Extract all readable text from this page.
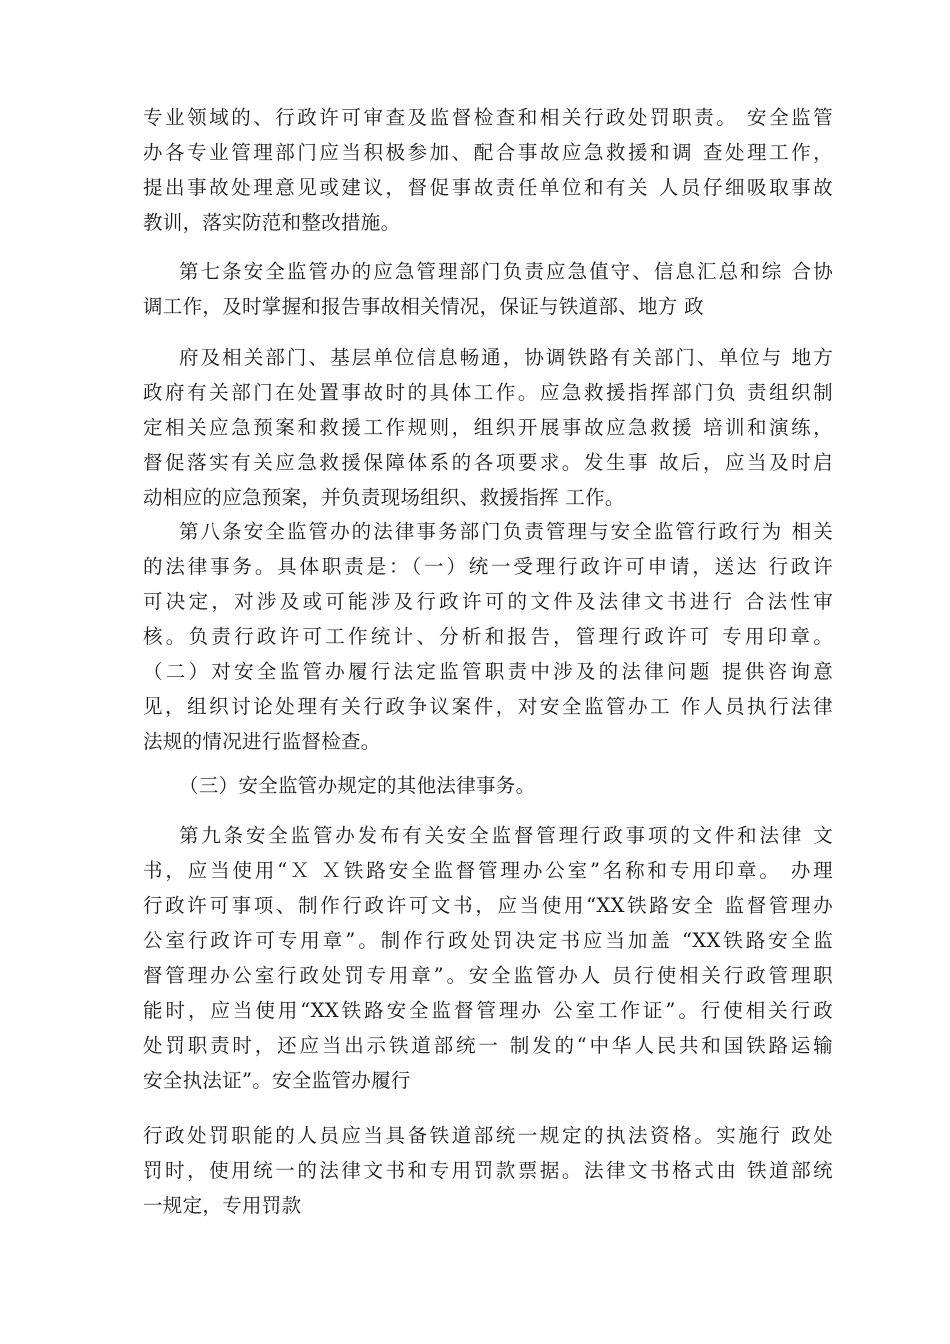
专业领域的、行政许可审查及监督检查和相关行政处罚职责。 安全监管
办各专业管理部门应当积极参加、配合事故应急救援和调 查处理工作，
提出事故处理意见或建议，督促事故责任单位和有关 人员仔细吸取事故
教训，落实防范和整改措施。
第七条安全监管办的应急管理部门负责应急值守、信息汇总和综 合协
调工作，及时掌握和报告事故相关情况，保证与铁道部、地方 政
府及相关部门、基层单位信息畅通，协调铁路有关部门、单位与 地方
政府有关部门在处置事故时的具体工作。应急救援指挥部门负 责组织制
定相关应急预案和救援工作规则，组织开展事故应急救援 培训和演练，
督促落实有关应急救援保障体系的各项要求。发生事 故后，应当及时启
动相应的应急预案，并负责现场组织、救援指挥 工作。
第八条安全监管办的法律事务部门负责管理与安全监管行政行为 相关
的法律事务。具体职责是：（一）统一受理行政许可申请，送达 行政许
可决定，对涉及或可能涉及行政许可的文件及法律文书进行 合法性审
核。负责行政许可工作统计、分析和报告，管理行政许可 专用印章。
（二）对安全监管办履行法定监管职责中涉及的法律问题 提供咨询意
见，组织讨论处理有关行政争议案件，对安全监管办工 作人员执行法律
法规的情况进行监督检查。
（三）安全监管办规定的其他法律事务。
第九条安全监管办发布有关安全监督管理行政事项的文件和法律 文
书，应当使用“Ｘ Ｘ铁路安全监督管理办公室”名称和专用印章。 办理
行政许可事项、制作行政许可文书，应当使用“XX铁路安全 监督管理办
公室行政许可专用章”。制作行政处罚决定书应当加盖 “XX铁路安全监
督管理办公室行政处罚专用章”。安全监管办人 员行使相关行政管理职
能时，应当使用“XX铁路安全监督管理办 公室工作证”。行使相关行政
处罚职责时，还应当出示铁道部统一 制发的“中华人民共和国铁路运输
安全执法证”。安全监管办履行
行政处罚职能的人员应当具备铁道部统一规定的执法资格。实施行 政处
罚时，使用统一的法律文书和专用罚款票据。法律文书格式由 铁道部统
一规定，专用罚款
